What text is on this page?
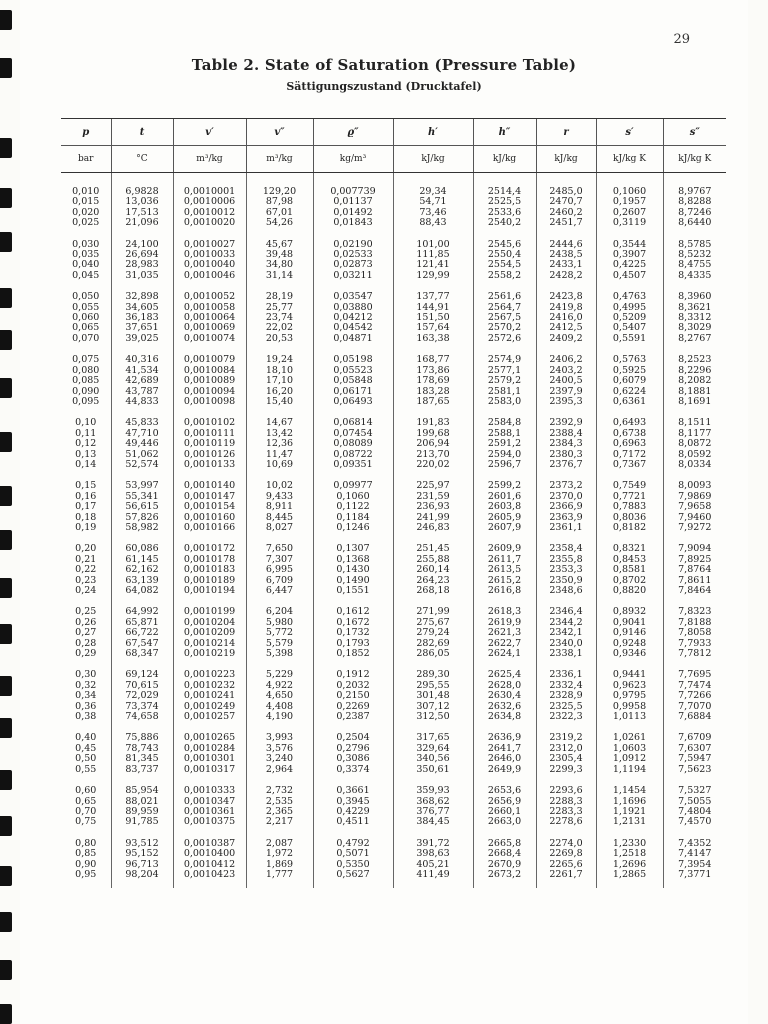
29
Table 2. State of Saturation (Pressure Table)
Sättigungszustand (Drucktafel)
p	t	v′	v″	ϱ″	h′	h″	r	s′	s″
bar	°C	m³/kg	m³/kg	kg/m³	kJ/kg	kJ/kg	kJ/kg	kJ/kg K	kJ/kg K

0,010	6,9828	0,0010001	129,20	0,007739	29,34	2514,4	2485,0	0,1060	8,9767
0,015	13,036	0,0010006	87,98	0,01137	54,71	2525,5	2470,7	0,1957	8,8288
0,020	17,513	0,0010012	67,01	0,01492	73,46	2533,6	2460,2	0,2607	8,7246
0,025	21,096	0,0010020	54,26	0,01843	88,43	2540,2	2451,7	0,3119	8,6440

0,030	24,100	0,0010027	45,67	0,02190	101,00	2545,6	2444,6	0,3544	8,5785
0,035	26,694	0,0010033	39,48	0,02533	111,85	2550,4	2438,5	0,3907	8,5232
0,040	28,983	0,0010040	34,80	0,02873	121,41	2554,5	2433,1	0,4225	8,4755
0,045	31,035	0,0010046	31,14	0,03211	129,99	2558,2	2428,2	0,4507	8,4335

0,050	32,898	0,0010052	28,19	0,03547	137,77	2561,6	2423,8	0,4763	8,3960
0,055	34,605	0,0010058	25,77	0,03880	144,91	2564,7	2419,8	0,4995	8,3621
0,060	36,183	0,0010064	23,74	0,04212	151,50	2567,5	2416,0	0,5209	8,3312
0,065	37,651	0,0010069	22,02	0,04542	157,64	2570,2	2412,5	0,5407	8,3029
0,070	39,025	0,0010074	20,53	0,04871	163,38	2572,6	2409,2	0,5591	8,2767

0,075	40,316	0,0010079	19,24	0,05198	168,77	2574,9	2406,2	0,5763	8,2523
0,080	41,534	0,0010084	18,10	0,05523	173,86	2577,1	2403,2	0,5925	8,2296
0,085	42,689	0,0010089	17,10	0,05848	178,69	2579,2	2400,5	0,6079	8,2082
0,090	43,787	0,0010094	16,20	0,06171	183,28	2581,1	2397,9	0,6224	8,1881
0,095	44,833	0,0010098	15,40	0,06493	187,65	2583,0	2395,3	0,6361	8,1691

0,10	45,833	0,0010102	14,67	0,06814	191,83	2584,8	2392,9	0,6493	8,1511
0,11	47,710	0,0010111	13,42	0,07454	199,68	2588,1	2388,4	0,6738	8,1177
0,12	49,446	0,0010119	12,36	0,08089	206,94	2591,2	2384,3	0,6963	8,0872
0,13	51,062	0,0010126	11,47	0,08722	213,70	2594,0	2380,3	0,7172	8,0592
0,14	52,574	0,0010133	10,69	0,09351	220,02	2596,7	2376,7	0,7367	8,0334

0,15	53,997	0,0010140	10,02	0,09977	225,97	2599,2	2373,2	0,7549	8,0093
0,16	55,341	0,0010147	9,433	0,1060	231,59	2601,6	2370,0	0,7721	7,9869
0,17	56,615	0,0010154	8,911	0,1122	236,93	2603,8	2366,9	0,7883	7,9658
0,18	57,826	0,0010160	8,445	0,1184	241,99	2605,9	2363,9	0,8036	7,9460
0,19	58,982	0,0010166	8,027	0,1246	246,83	2607,9	2361,1	0,8182	7,9272

0,20	60,086	0,0010172	7,650	0,1307	251,45	2609,9	2358,4	0,8321	7,9094
0,21	61,145	0,0010178	7,307	0,1368	255,88	2611,7	2355,8	0,8453	7,8925
0,22	62,162	0,0010183	6,995	0,1430	260,14	2613,5	2353,3	0,8581	7,8764
0,23	63,139	0,0010189	6,709	0,1490	264,23	2615,2	2350,9	0,8702	7,8611
0,24	64,082	0,0010194	6,447	0,1551	268,18	2616,8	2348,6	0,8820	7,8464

0,25	64,992	0,0010199	6,204	0,1612	271,99	2618,3	2346,4	0,8932	7,8323
0,26	65,871	0,0010204	5,980	0,1672	275,67	2619,9	2344,2	0,9041	7,8188
0,27	66,722	0,0010209	5,772	0,1732	279,24	2621,3	2342,1	0,9146	7,8058
0,28	67,547	0,0010214	5,579	0,1793	282,69	2622,7	2340,0	0,9248	7,7933
0,29	68,347	0,0010219	5,398	0,1852	286,05	2624,1	2338,1	0,9346	7,7812

0,30	69,124	0,0010223	5,229	0,1912	289,30	2625,4	2336,1	0,9441	7,7695
0,32	70,615	0,0010232	4,922	0,2032	295,55	2628,0	2332,4	0,9623	7,7474
0,34	72,029	0,0010241	4,650	0,2150	301,48	2630,4	2328,9	0,9795	7,7266
0,36	73,374	0,0010249	4,408	0,2269	307,12	2632,6	2325,5	0,9958	7,7070
0,38	74,658	0,0010257	4,190	0,2387	312,50	2634,8	2322,3	1,0113	7,6884

0,40	75,886	0,0010265	3,993	0,2504	317,65	2636,9	2319,2	1,0261	7,6709
0,45	78,743	0,0010284	3,576	0,2796	329,64	2641,7	2312,0	1,0603	7,6307
0,50	81,345	0,0010301	3,240	0,3086	340,56	2646,0	2305,4	1,0912	7,5947
0,55	83,737	0,0010317	2,964	0,3374	350,61	2649,9	2299,3	1,1194	7,5623

0,60	85,954	0,0010333	2,732	0,3661	359,93	2653,6	2293,6	1,1454	7,5327
0,65	88,021	0,0010347	2,535	0,3945	368,62	2656,9	2288,3	1,1696	7,5055
0,70	89,959	0,0010361	2,365	0,4229	376,77	2660,1	2283,3	1,1921	7,4804
0,75	91,785	0,0010375	2,217	0,4511	384,45	2663,0	2278,6	1,2131	7,4570

0,80	93,512	0,0010387	2,087	0,4792	391,72	2665,8	2274,0	1,2330	7,4352
0,85	95,152	0,0010400	1,972	0,5071	398,63	2668,4	2269,8	1,2518	7,4147
0,90	96,713	0,0010412	1,869	0,5350	405,21	2670,9	2265,6	1,2696	7,3954
0,95	98,204	0,0010423	1,777	0,5627	411,49	2673,2	2261,7	1,2865	7,3771
